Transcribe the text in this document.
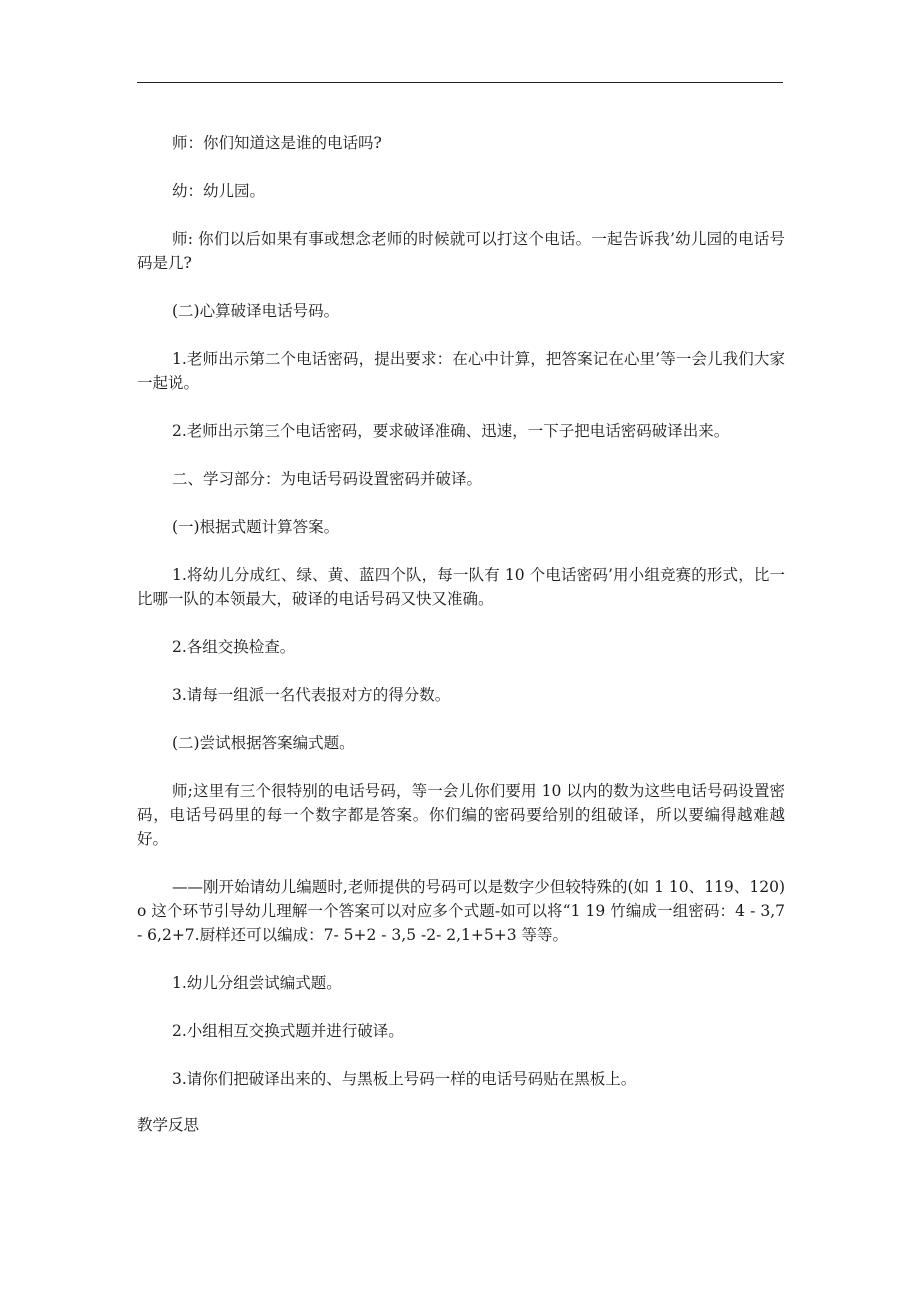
师：你们知道这是谁的电话吗?

幼：幼儿园。

师: 你们以后如果有事或想念老师的时候就可以打这个电话。一起告诉我’幼儿园的电话号码是几?

(二)心算破译电话号码。

1.老师出示第二个电话密码，提出要求：在心中计算，把答案记在心里’等一会儿我们大家一起说。

2.老师出示第三个电话密码，要求破译准确、迅速，一下子把电话密码破译出来。

二、学习部分：为电话号码设置密码并破译。

(一)根据式题计算答案。

1.将幼儿分成红、绿、黄、蓝四个队，每一队有 10 个电话密码’用小组竞赛的形式，比一比哪一队的本领最大，破译的电话号码又快又准确。

2.各组交换检查。

3.请每一组派一名代表报对方的得分数。

(二)尝试根据答案编式题。

师;这里有三个很特别的电话号码，等一会儿你们要用 10 以内的数为这些电话号码设置密码，电话号码里的每一个数字都是答案。你们编的密码要给别的组破译，所以要编得越难越好。

——刚开始请幼儿编题时,老师提供的号码可以是数字少但较特殊的(如 1 10、119、120)o 这个环节引导幼儿理解一个答案可以对应多个式题-如可以将“1 19 竹编成一组密码：4 - 3,7 - 6,2+7.厨样还可以编成：7- 5+2 - 3,5 -2- 2,1+5+3 等等。

1.幼儿分组尝试编式题。

2.小组相互交换式题并进行破译。

3.请你们把破译出来的、与黑板上号码一样的电话号码贴在黑板上。

教学反思
